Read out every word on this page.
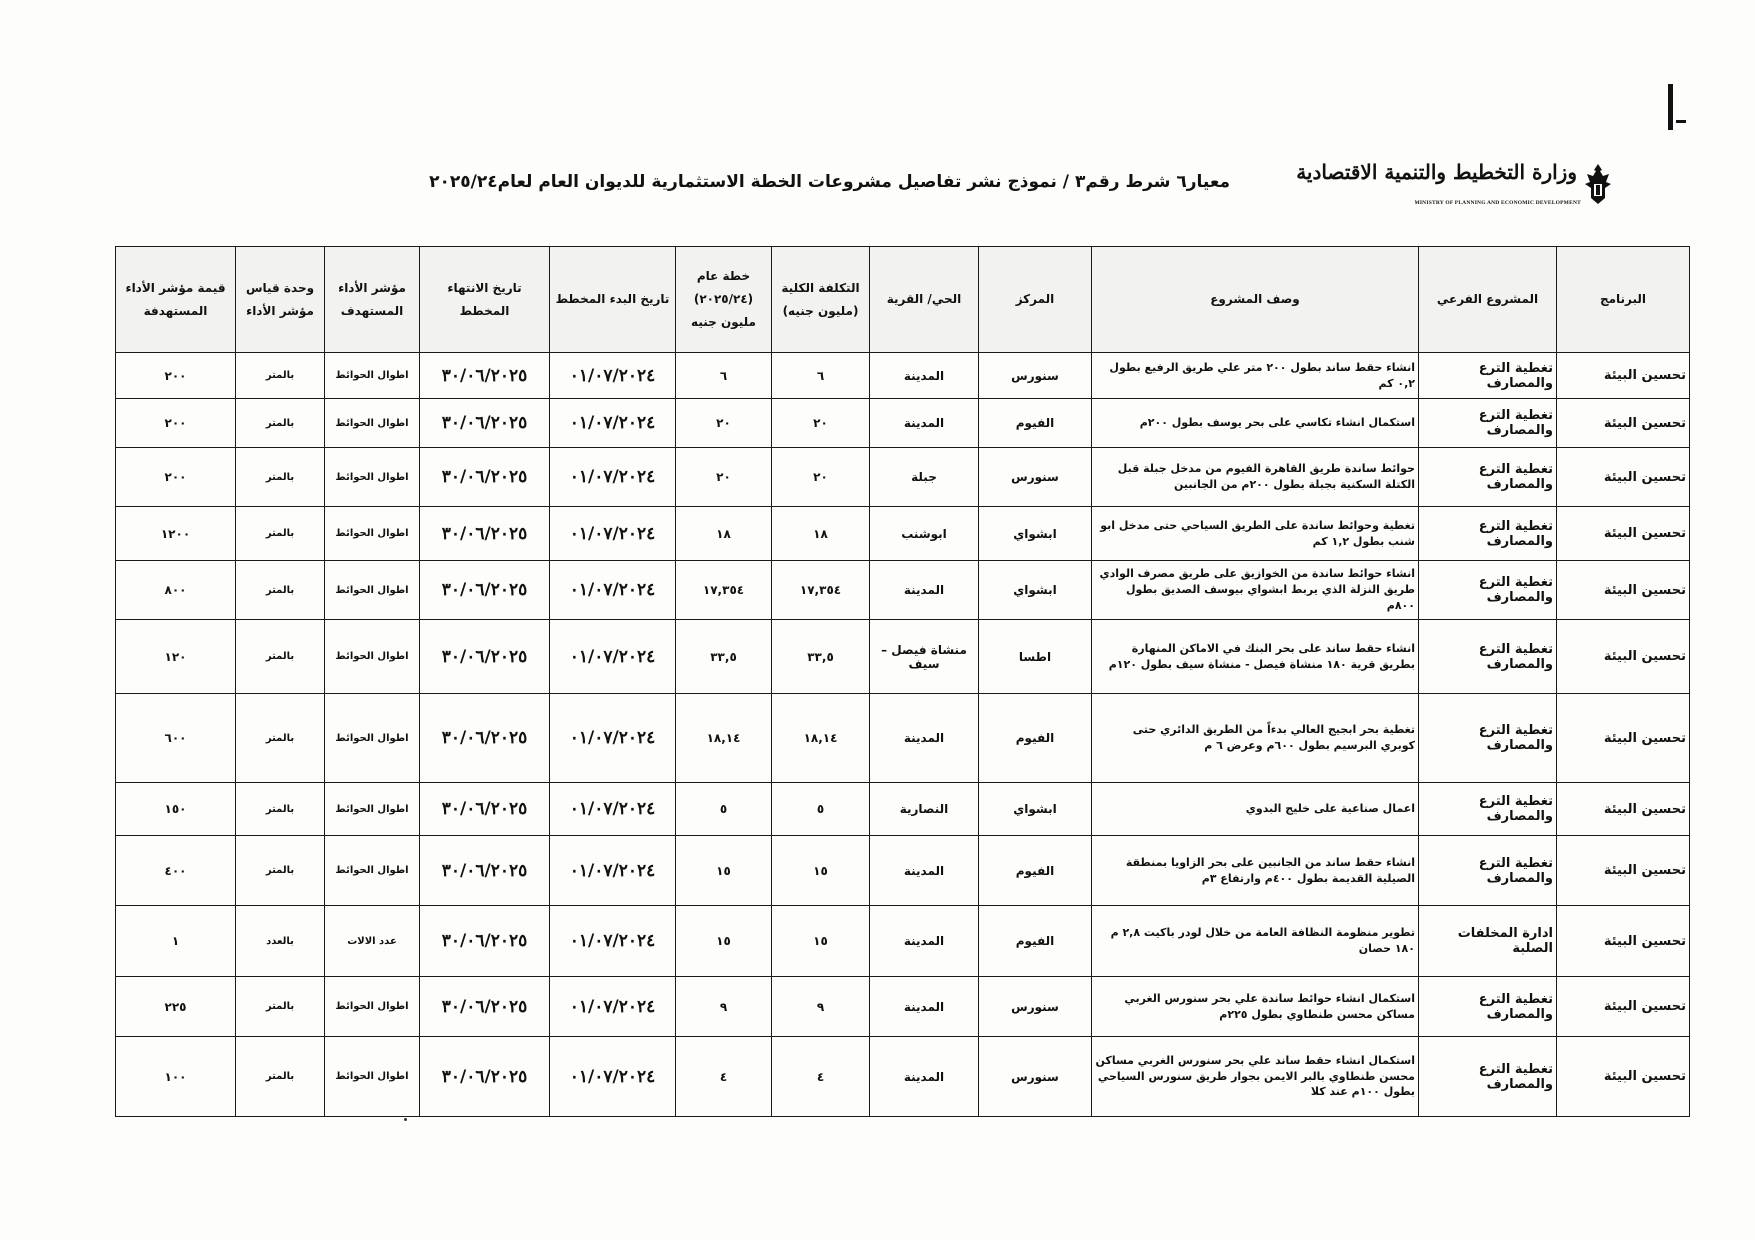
وزارة التخطيط والتنمية الاقتصادية
MINISTRY OF PLANNING AND ECONOMIC DEVELOPMENT
معيار٦ شرط رقم٣ / نموذج نشر تفاصيل مشروعات الخطة الاستثمارية للديوان العام لعام٢٠٢٥/٢٤
البرنامج	المشروع الفرعي	وصف المشروع	المركز	الحي/ القرية	التكلفة الكلية (مليون جنيه)	خطة عام (٢٠٢٥/٢٤) مليون جنيه	تاريخ البدء المخطط	تاريخ الانتهاء المخطط	مؤشر الأداء المستهدف	وحدة قياس مؤشر الأداء	قيمة مؤشر الأداء المستهدفة
تحسين البيئة	تغطية الترع والمصارف	انشاء حقط ساند بطول ٢٠٠ متر علي طريق الرفيع بطول ٠,٢ كم	سنورس	المدينة	٦	٦	٠١/٠٧/٢٠٢٤	٣٠/٠٦/٢٠٢٥	اطوال الحوائط	بالمتر	٢٠٠
تحسين البيئة	تغطية الترع والمصارف	استكمال انشاء تكاسي على بحر يوسف بطول ٢٠٠م	الفيوم	المدينة	٢٠	٢٠	٠١/٠٧/٢٠٢٤	٣٠/٠٦/٢٠٢٥	اطوال الحوائط	بالمتر	٢٠٠
تحسين البيئة	تغطية الترع والمصارف	حوائط ساندة طريق القاهرة الفيوم من مدخل جبلة قبل الكتلة السكنية بجبلة بطول ٢٠٠م من الجانبين	سنورس	جبلة	٢٠	٢٠	٠١/٠٧/٢٠٢٤	٣٠/٠٦/٢٠٢٥	اطوال الحوائط	بالمتر	٢٠٠
تحسين البيئة	تغطية الترع والمصارف	تغطية وحوائط ساندة على الطريق السياحي حتى مدخل ابو شنب بطول ١,٢ كم	ابشواي	ابوشنب	١٨	١٨	٠١/٠٧/٢٠٢٤	٣٠/٠٦/٢٠٢٥	اطوال الحوائط	بالمتر	١٢٠٠
تحسين البيئة	تغطية الترع والمصارف	انشاء حوائط ساندة من الخوازيق على طريق مصرف الوادي طريق النزلة الذي يربط ابشواي بيوسف الصديق بطول ٨٠٠م	ابشواي	المدينة	١٧,٣٥٤	١٧,٣٥٤	٠١/٠٧/٢٠٢٤	٣٠/٠٦/٢٠٢٥	اطوال الحوائط	بالمتر	٨٠٠
تحسين البيئة	تغطية الترع والمصارف	انشاء حقط ساند على بحر البنك في الاماكن المنهارة بطريق قرية ١٨٠ منشاة فيصل - منشاة سيف بطول ١٢٠م	اطسا	منشاة فيصل – سيف	٣٣,٥	٣٣,٥	٠١/٠٧/٢٠٢٤	٣٠/٠٦/٢٠٢٥	اطوال الحوائط	بالمتر	١٢٠
تحسين البيئة	تغطية الترع والمصارف	تغطية بحر ابجيج العالي بدءاً من الطريق الدائري حتى كوبري البرسيم بطول ٦٠٠م وعرض ٦ م	الفيوم	المدينة	١٨,١٤	١٨,١٤	٠١/٠٧/٢٠٢٤	٣٠/٠٦/٢٠٢٥	اطوال الحوائط	بالمتر	٦٠٠
تحسين البيئة	تغطية الترع والمصارف	اعمال صناعية على خليج البدوي	ابشواي	النصارية	٥	٥	٠١/٠٧/٢٠٢٤	٣٠/٠٦/٢٠٢٥	اطوال الحوائط	بالمتر	١٥٠
تحسين البيئة	تغطية الترع والمصارف	انشاء حقط ساند من الجانبين على بحر الزاويا بمنطقة الصيلية القديمة بطول ٤٠٠م وارتفاع ٣م	الفيوم	المدينة	١٥	١٥	٠١/٠٧/٢٠٢٤	٣٠/٠٦/٢٠٢٥	اطوال الحوائط	بالمتر	٤٠٠
تحسين البيئة	ادارة المخلفات الصلبة	تطوير منظومة النظافة العامة من خلال لودر باكيت ٢,٨ م ١٨٠ حصان	الفيوم	المدينة	١٥	١٥	٠١/٠٧/٢٠٢٤	٣٠/٠٦/٢٠٢٥	عدد الالات	بالعدد	١
تحسين البيئة	تغطية الترع والمصارف	استكمال انشاء حوائط ساندة علي بحر سنورس الغربي مساكن محسن طنطاوي بطول ٢٢٥م	سنورس	المدينة	٩	٩	٠١/٠٧/٢٠٢٤	٣٠/٠٦/٢٠٢٥	اطوال الحوائط	بالمتر	٢٢٥
تحسين البيئة	تغطية الترع والمصارف	استكمال انشاء حقط ساند علي بحر سنورس الغربي مساكن محسن طنطاوي بالبر الايمن بجوار طريق سنورس السياحي بطول ١٠٠م عند كلا	سنورس	المدينة	٤	٤	٠١/٠٧/٢٠٢٤	٣٠/٠٦/٢٠٢٥	اطوال الحوائط	بالمتر	١٠٠
